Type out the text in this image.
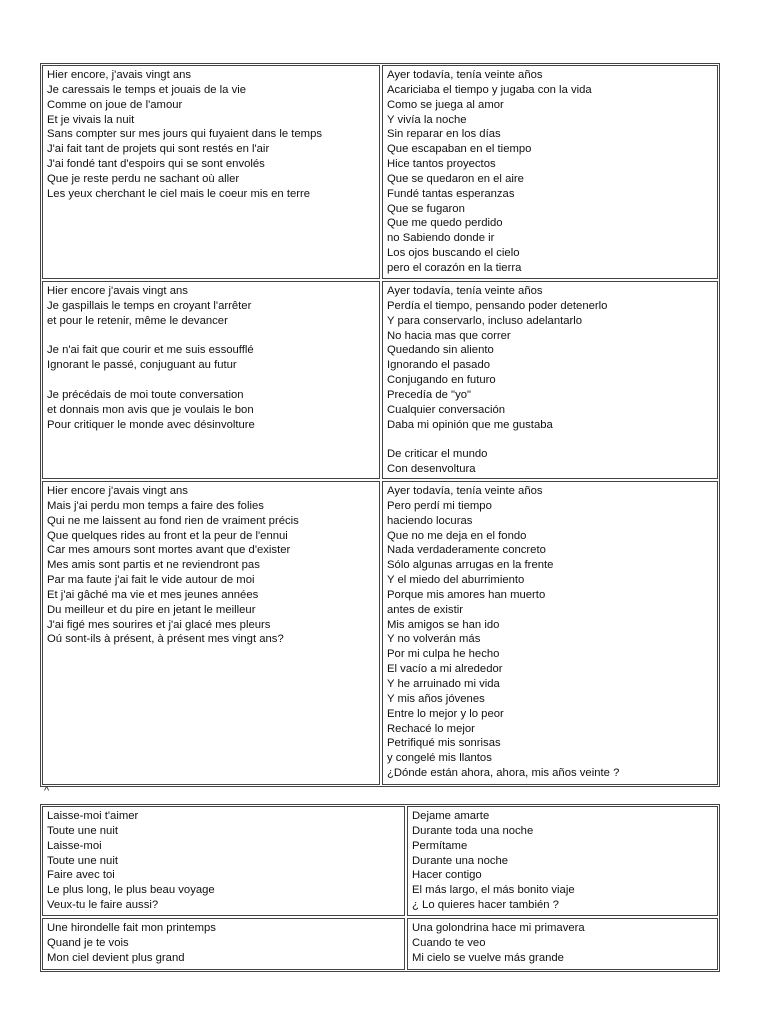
Hier encore, j'avais vingt ans
Je caressais le temps et jouais de la vie
Comme on joue de l'amour
Et je vivais la nuit
Sans compter sur mes jours qui fuyaient dans le temps
J'ai fait tant de projets qui sont restés en l'air
J'ai fondé tant d'espoirs qui se sont envolés
Que je reste perdu ne sachant où aller
Les yeux cherchant le ciel mais le coeur mis en terre
Ayer todavía, tenía veinte años
Acariciaba el tiempo y jugaba con la vida
Como se juega al amor
Y vivía la noche
Sin reparar en los días
Que escapaban en el tiempo
Hice tantos proyectos
Que se quedaron en el aire
Fundé tantas esperanzas
Que se fugaron
Que me quedo perdido
no Sabiendo donde ir
Los ojos buscando el cielo
pero el corazón en la tierra
Hier encore j'avais vingt ans
Je gaspillais le temps en croyant l'arrêter
et pour le retenir, même le devancer
Je n'ai fait que courir et me suis essoufflé
Ignorant le passé, conjuguant au futur
Je précédais de moi toute conversation
et donnais mon avis que je voulais le bon
Pour critiquer le monde avec désinvolture
Ayer todavía, tenía veinte años
Perdía el tiempo, pensando poder detenerlo
Y para conservarlo, incluso adelantarlo
No hacia mas que correr
Quedando sin aliento
Ignorando el pasado
Conjugando en futuro
Precedía de "yo"
Cualquier conversación
Daba mi opinión que me gustaba
De criticar el mundo
Con desenvoltura
Hier encore j'avais vingt ans
Mais j'ai perdu mon temps a faire des folies
Qui ne me laissent au fond rien de vraiment précis
Que quelques rides au front et la peur de l'ennui
Car mes amours sont mortes avant que d'exister
Mes amis sont partis et ne reviendront pas
Par ma faute j'ai fait le vide autour de moi
Et j'ai gâché ma vie et mes jeunes années
Du meilleur et du pire en jetant le meilleur
J'ai figé mes sourires et j'ai glacé mes pleurs
Oú sont-ils à présent, à présent mes vingt ans?
Ayer todavía, tenía veinte años
Pero perdí mi tiempo
haciendo locuras
Que no me deja en el fondo
Nada verdaderamente concreto
Sólo algunas arrugas en la frente
Y el miedo del aburrimiento
Porque mis amores han muerto
antes de existir
Mis amigos se han ido
Y no volverán más
Por mi culpa he hecho
El vacío a mi alrededor
Y he arruinado mi vida
Y mis años jóvenes
Entre lo mejor y lo peor
Rechacé lo mejor
Petrifiqué mis sonrisas
y congelé mis llantos
¿Dónde están ahora, ahora, mis años veinte ?
^
Laisse-moi t'aimer
Toute une nuit
Laisse-moi
Toute une nuit
Faire avec toi
Le plus long, le plus beau voyage
Veux-tu le faire aussi?
Dejame amarte
Durante toda una noche
Permítame
Durante una noche
Hacer contigo
El más largo, el más bonito viaje
¿ Lo quieres hacer también ?
Une hirondelle fait mon printemps
Quand je te vois
Mon ciel devient plus grand
Una golondrina hace mi primavera
Cuando te veo
Mi cielo se vuelve más grande
